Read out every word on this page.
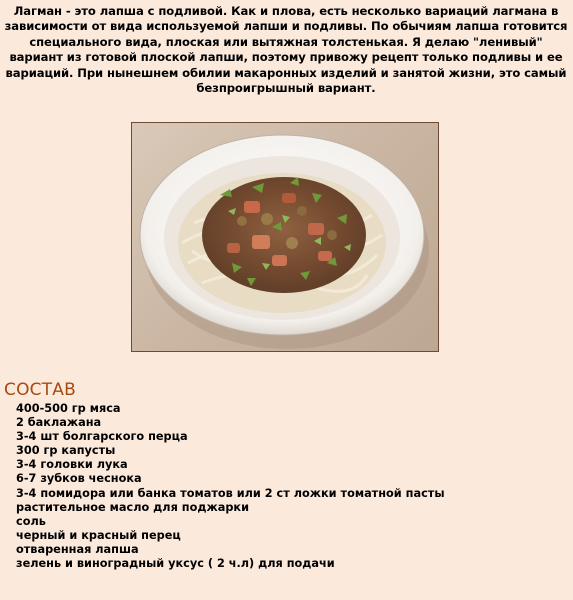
Лагман - это лапша с подливой. Как и плова, есть несколько вариаций лагмана в зависимости от вида используемой лапши и подливы. По обычиям лапша готовится специального вида, плоская или вытяжная толстенькая. Я делаю "ленивый" вариант из готовой плоской лапши, поэтому привожу рецепт только подливы и ее вариаций. При нынешнем обилии макаронных изделий и занятой жизни, это самый безпроигрышный вариант.

СОСТАВ
400-500 гр мяса
2 баклажана
3-4 шт болгарского перца
300 гр капусты
3-4 головки лука
6-7 зубков чеснока
3-4 помидора или банка томатов или 2 ст ложки томатной пасты
растительное масло для поджарки
соль
черный и красный перец
отваренная лапша
зелень и виноградный уксус ( 2 ч.л) для подачи
